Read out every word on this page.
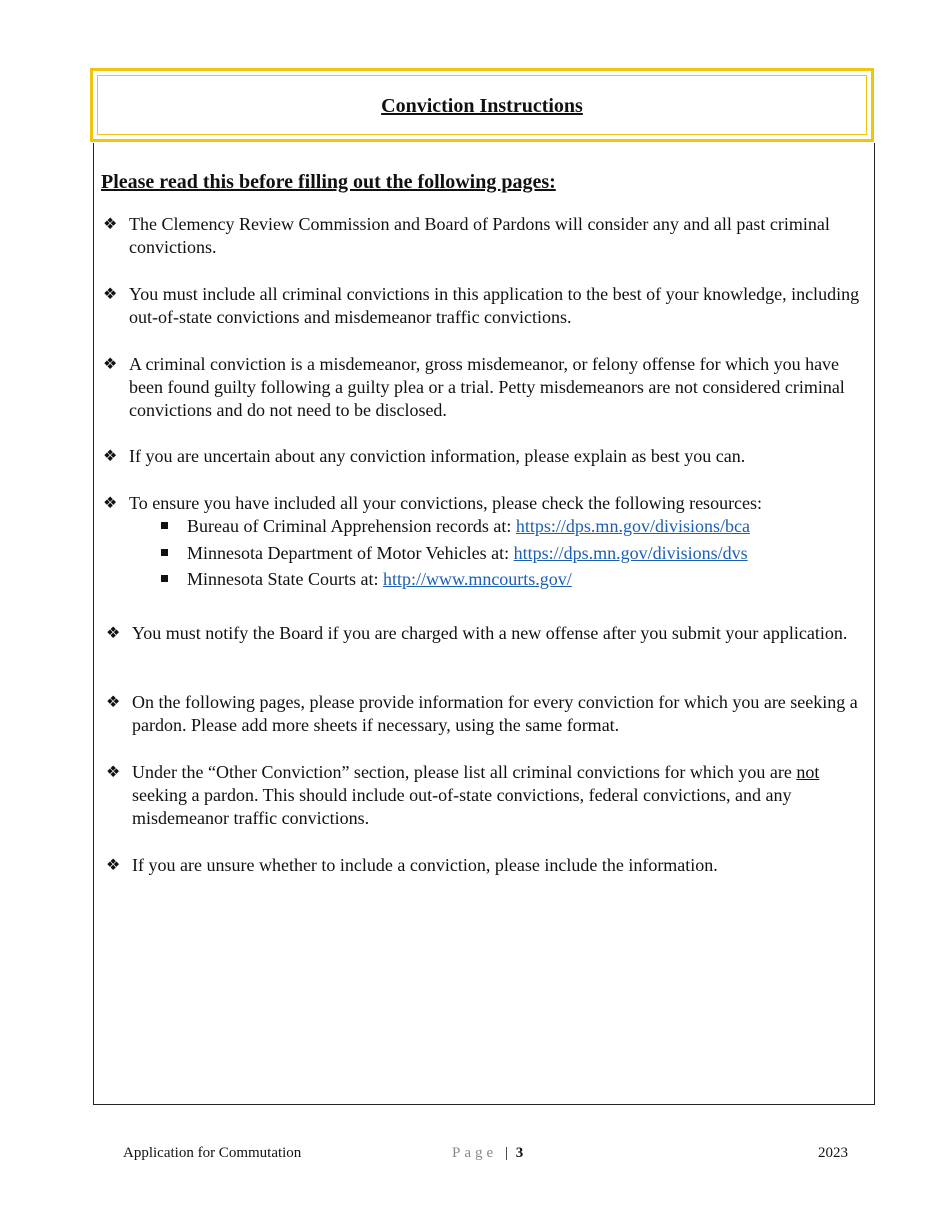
Conviction Instructions
Please read this before filling out the following pages:
❖ The Clemency Review Commission and Board of Pardons will consider any and all past criminal convictions.
❖ You must include all criminal convictions in this application to the best of your knowledge, including out-of-state convictions and misdemeanor traffic convictions.
❖ A criminal conviction is a misdemeanor, gross misdemeanor, or felony offense for which you have been found guilty following a guilty plea or a trial. Petty misdemeanors are not considered criminal convictions and do not need to be disclosed.
❖ If you are uncertain about any conviction information, please explain as best you can.
❖ To ensure you have included all your convictions, please check the following resources:
Bureau of Criminal Apprehension records at: https://dps.mn.gov/divisions/bca
Minnesota Department of Motor Vehicles at: https://dps.mn.gov/divisions/dvs
Minnesota State Courts at: http://www.mncourts.gov/
❖ You must notify the Board if you are charged with a new offense after you submit your application.
❖ On the following pages, please provide information for every conviction for which you are seeking a pardon. Please add more sheets if necessary, using the same format.
❖ Under the “Other Conviction” section, please list all criminal convictions for which you are not seeking a pardon. This should include out-of-state convictions, federal convictions, and any misdemeanor traffic convictions.
❖ If you are unsure whether to include a conviction, please include the information.
Application for Commutation	Page | 3	2023
